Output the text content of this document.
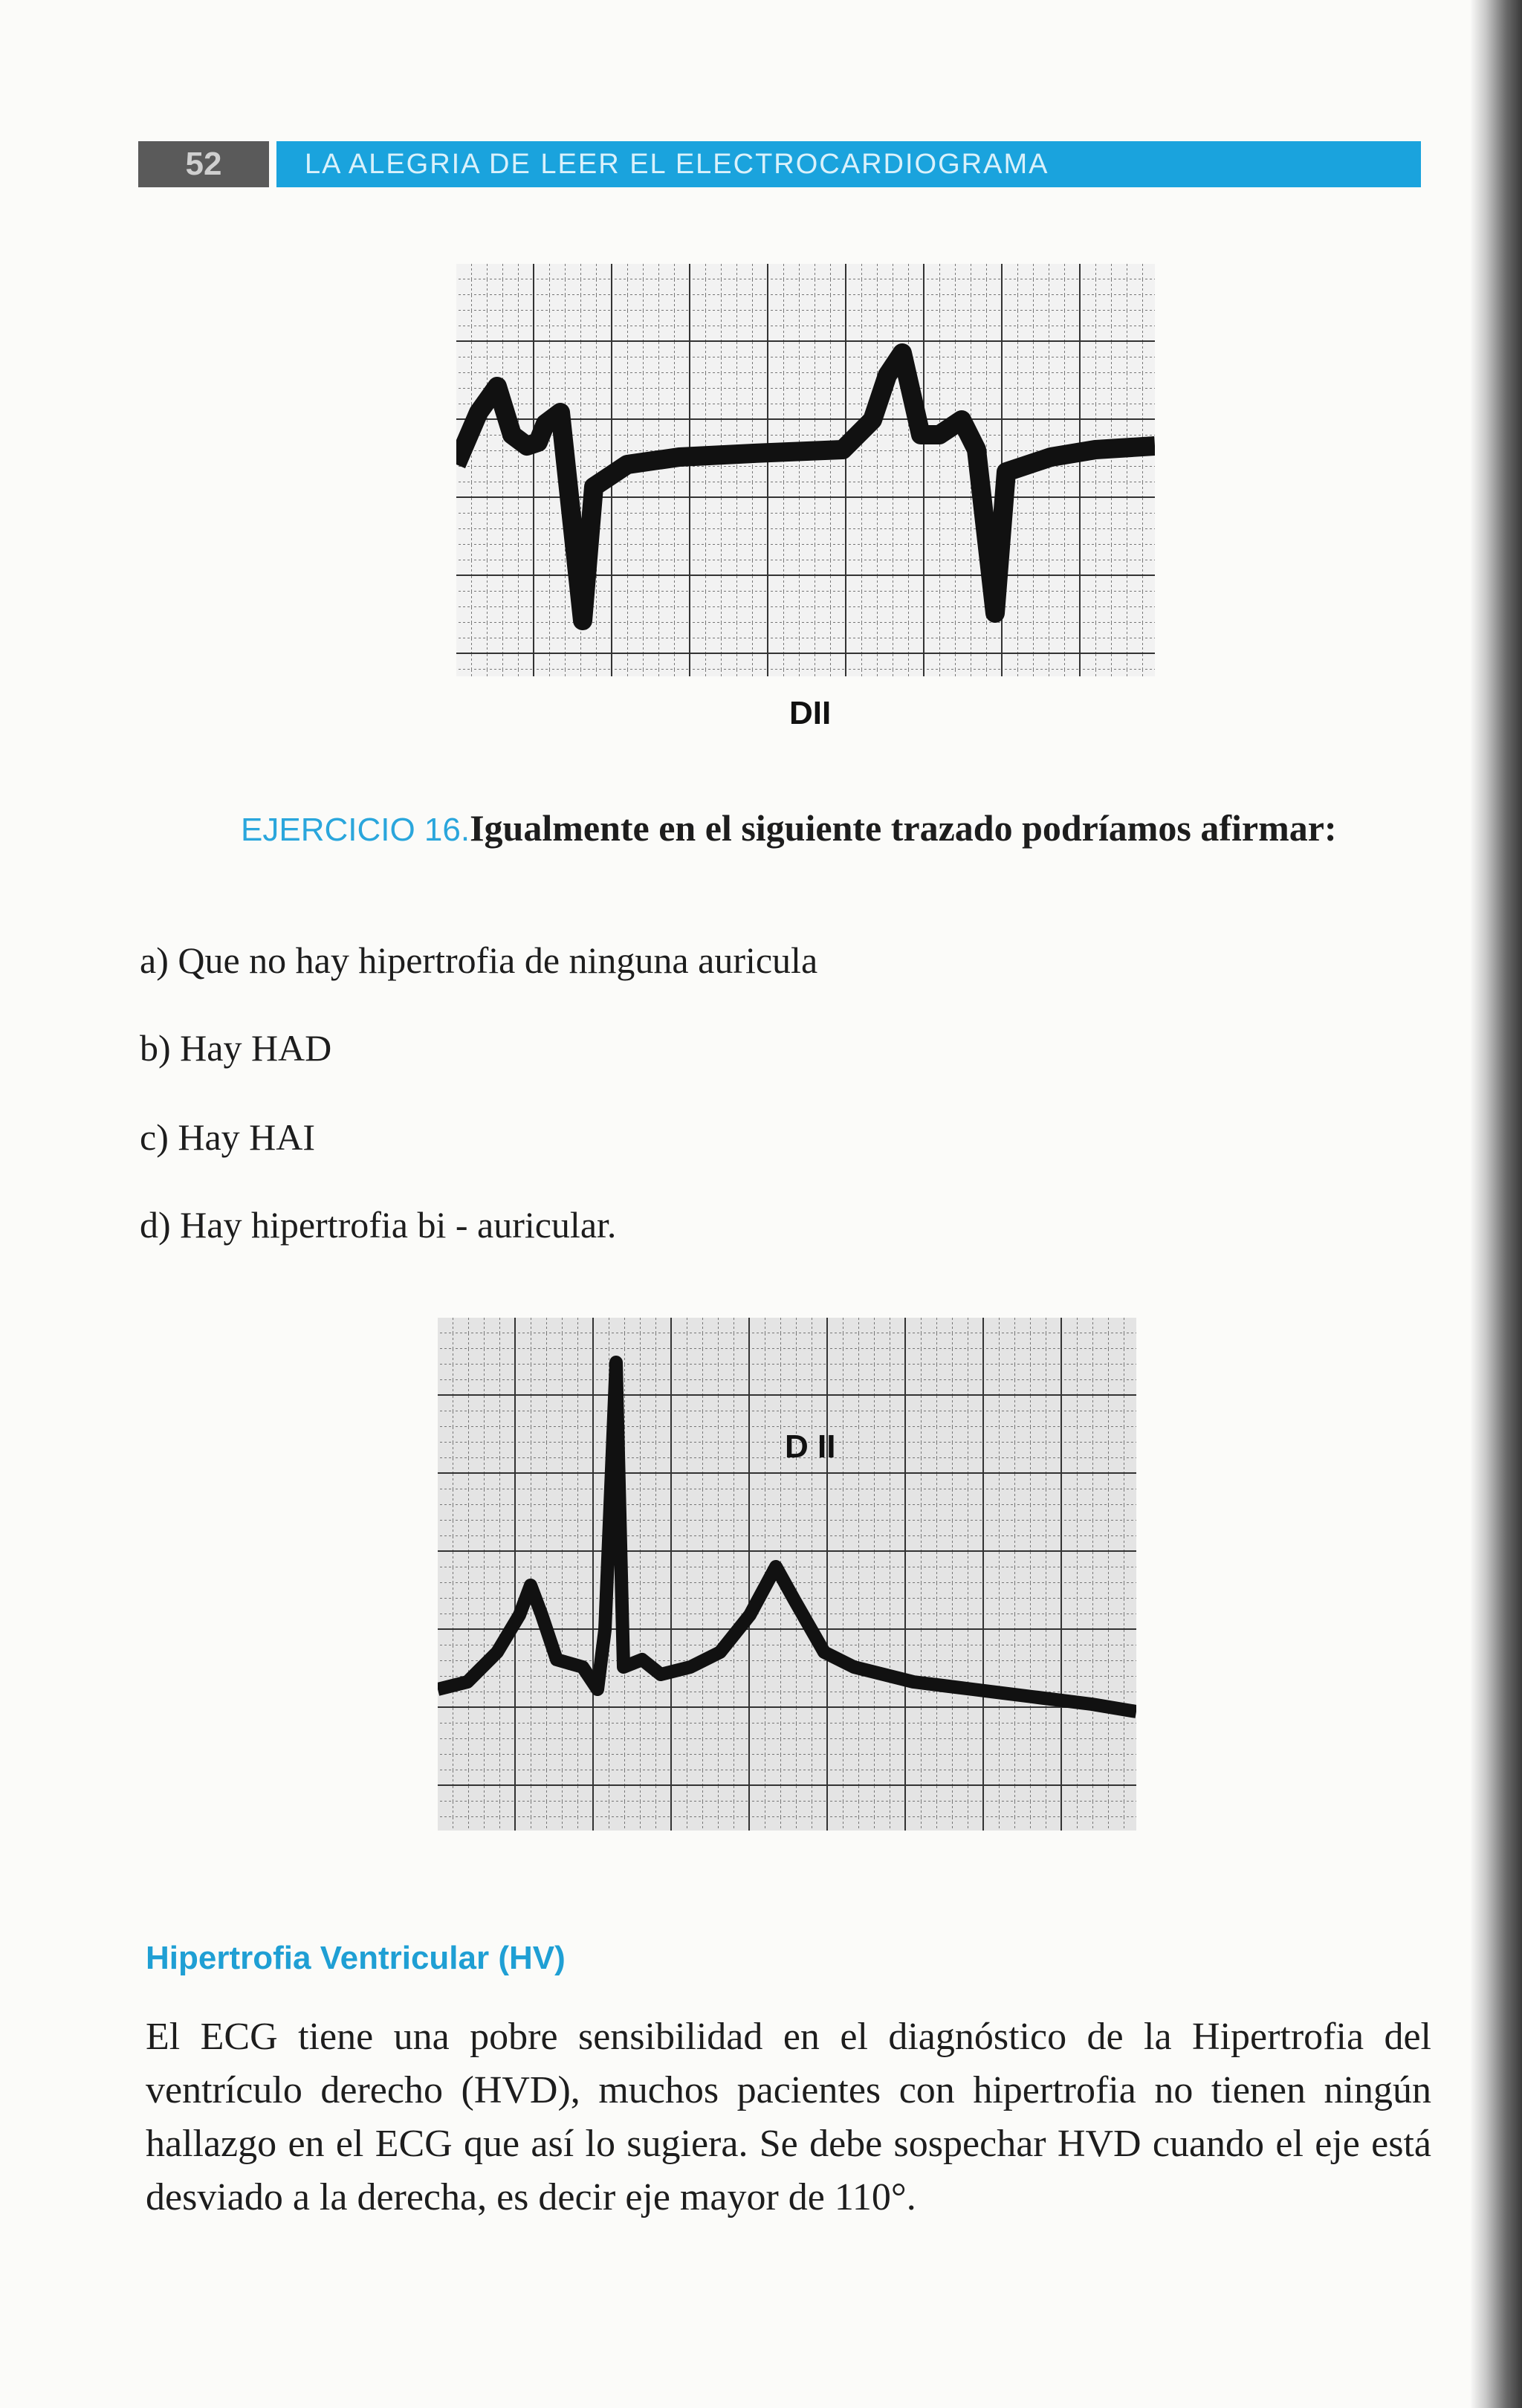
52	LA ALEGRIA DE LEER EL ELECTROCARDIOGRAMA
DII
EJERCICIO 16.Igualmente en el siguiente trazado podríamos afirmar:
a) Que no hay hipertrofia de ninguna auricula
b) Hay HAD
c) Hay HAI
d) Hay hipertrofia bi - auricular.
D II
Hipertrofia Ventricular (HV)
El ECG tiene una pobre sensibilidad en el diagnóstico de la Hipertrofia del ventrículo derecho (HVD), muchos pacientes con hipertrofia no tienen ningún hallazgo en el ECG que así lo sugiera. Se debe sospechar HVD cuando el eje está desviado a la derecha, es decir eje mayor de 110°.
